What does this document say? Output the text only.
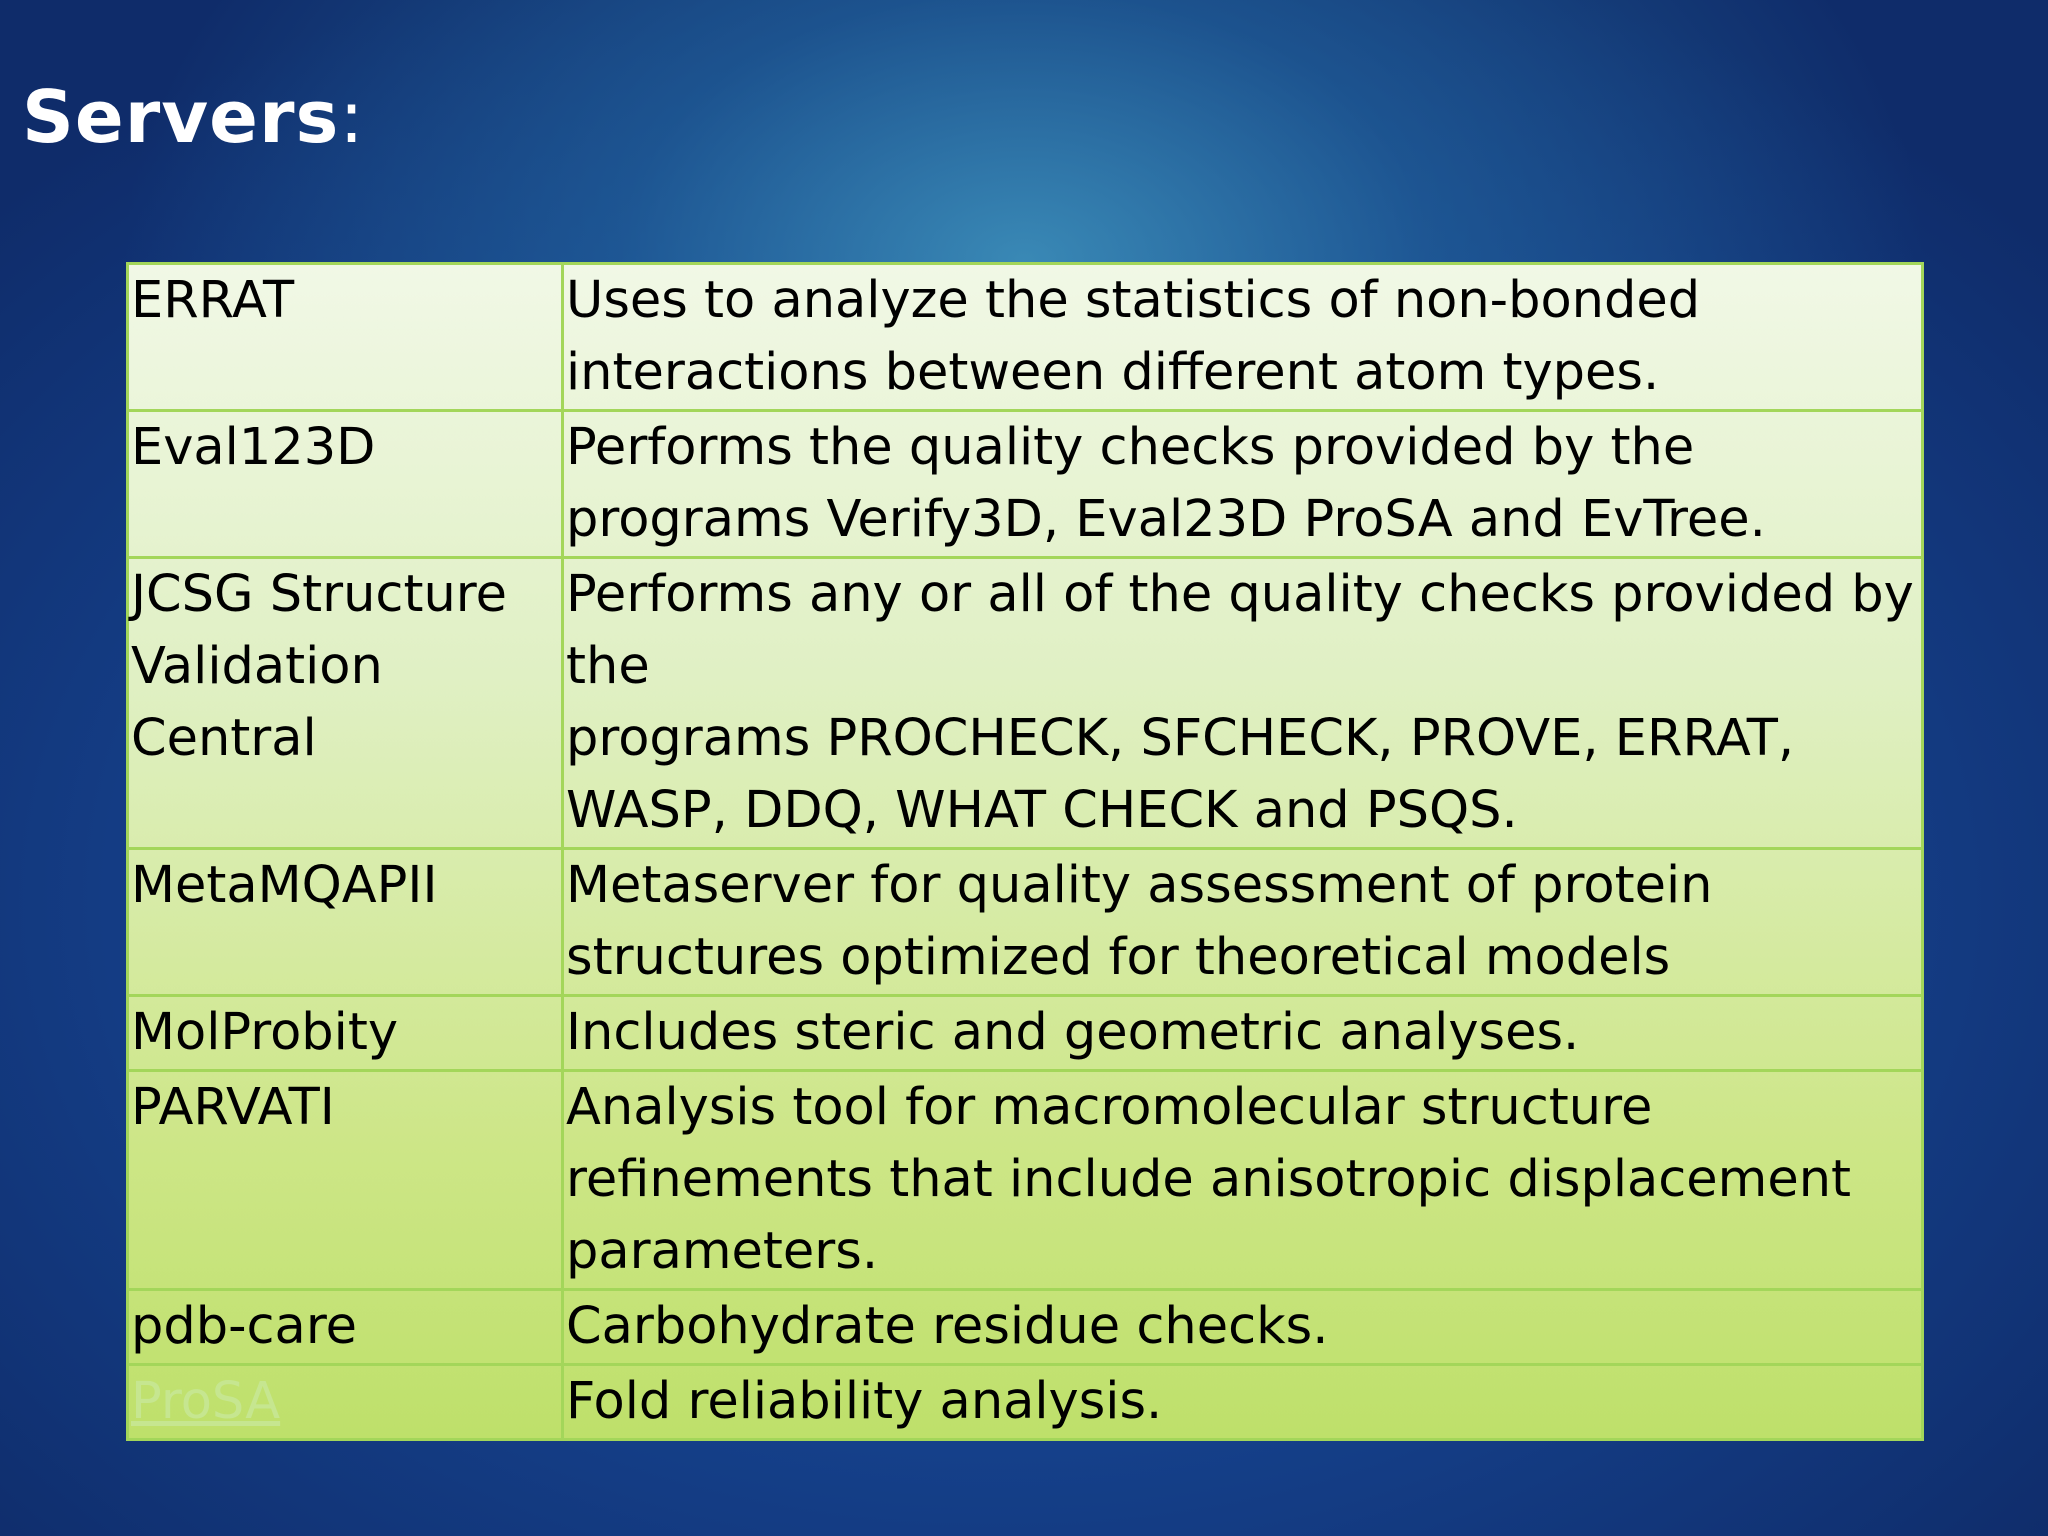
Servers:
ERRAT	Uses to analyze the statistics of non-bonded interactions between different atom types.
Eval123D	Performs the quality checks provided by the programs Verify3D, Eval23D ProSA and EvTree.
JCSG Structure Validation Central	Performs any or all of the quality checks provided by the
programs PROCHECK, SFCHECK, PROVE, ERRAT, WASP, DDQ, WHAT CHECK and PSQS.
MetaMQAPII	Metaserver for quality assessment of protein structures optimized for theoretical models
MolProbity	Includes steric and geometric analyses.
PARVATI	Analysis tool for macromolecular structure refinements that include anisotropic displacement parameters.
pdb-care	Carbohydrate residue checks.
ProSA	Fold reliability analysis.
